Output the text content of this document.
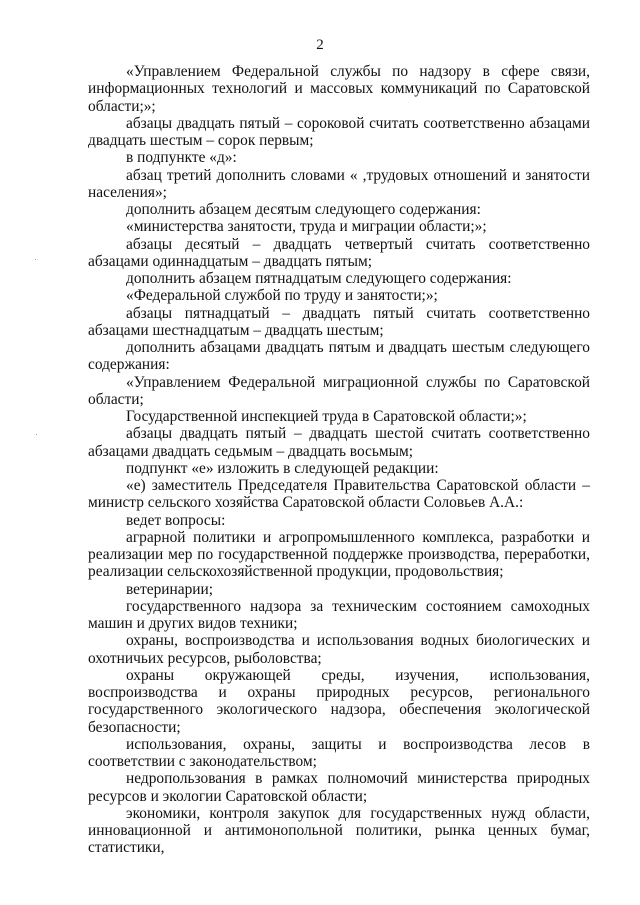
2

«Управлением Федеральной службы по надзору в сфере связи, информационных технологий и массовых коммуникаций по Саратовской области;»;

абзацы двадцать пятый – сороковой считать соответственно абзацами двадцать шестым – сорок первым;

в подпункте «д»:

абзац третий дополнить словами « ,трудовых отношений и занятости населения»;

дополнить абзацем десятым следующего содержания:

«министерства занятости, труда и миграции области;»;

абзацы десятый – двадцать четвертый считать соответственно абзацами одиннадцатым – двадцать пятым;

дополнить абзацем пятнадцатым следующего содержания:

«Федеральной службой по труду и занятости;»;

абзацы пятнадцатый – двадцать пятый считать соответственно абзацами шестнадцатым – двадцать шестым;

дополнить абзацами двадцать пятым и двадцать шестым следующего содержания:

«Управлением Федеральной миграционной службы по Саратовской области;

Государственной инспекцией труда в Саратовской области;»;

абзацы двадцать пятый – двадцать шестой считать соответственно абзацами двадцать седьмым – двадцать восьмым;

подпункт «е» изложить в следующей редакции:

«е) заместитель Председателя Правительства Саратовской области – министр сельского хозяйства Саратовской области Соловьев А.А.:

ведет вопросы:

аграрной политики и агропромышленного комплекса, разработки и реализации мер по государственной поддержке производства, переработки, реализации сельскохозяйственной продукции, продовольствия;

ветеринарии;

государственного надзора за техническим состоянием самоходных машин и других видов техники;

охраны, воспроизводства и использования водных биологических и охотничьих ресурсов, рыболовства;

охраны окружающей среды, изучения, использования, воспроизводства и охраны природных ресурсов, регионального государственного экологического надзора, обеспечения экологической безопасности;

использования, охраны, защиты и воспроизводства лесов в соответствии с законодательством;

недропользования в рамках полномочий министерства природных ресурсов и экологии Саратовской области;

экономики, контроля закупок для государственных нужд области, инновационной и антимонопольной политики, рынка ценных бумаг, статистики,
